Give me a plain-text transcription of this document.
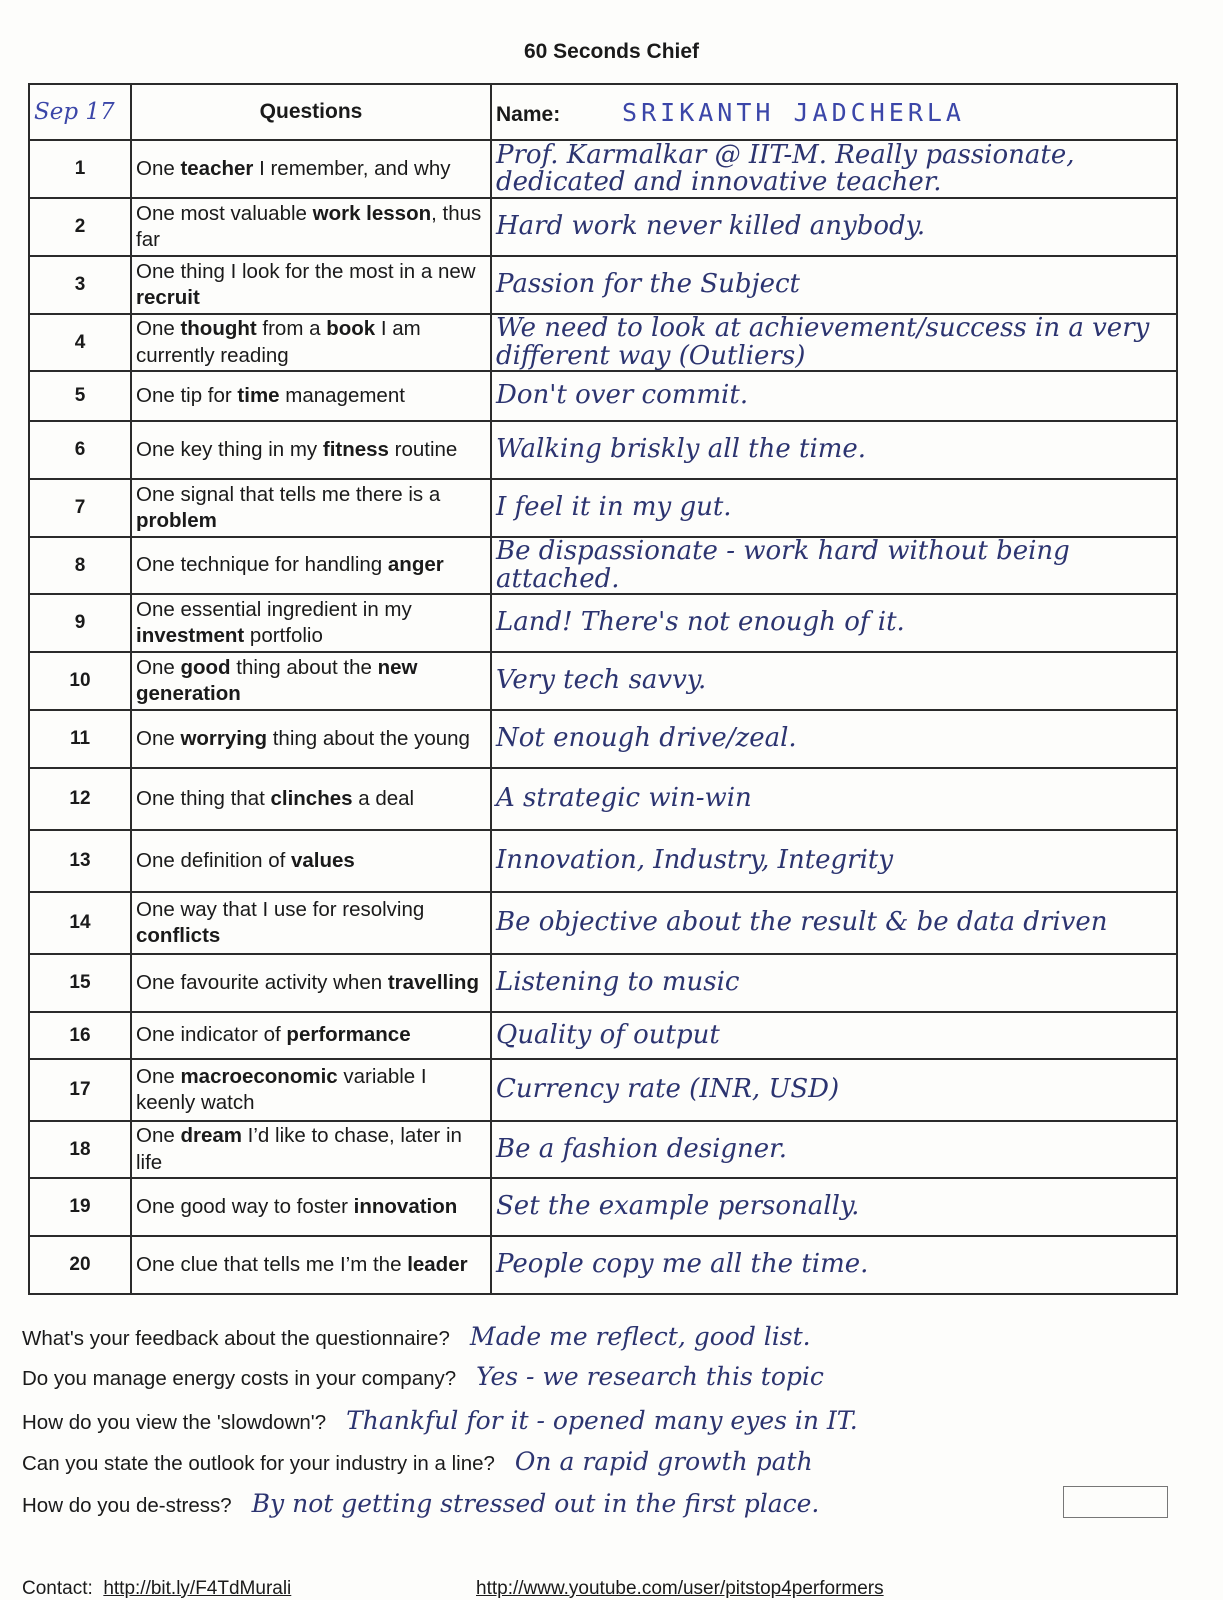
60 Seconds Chief
Sep 17	Questions	Name: SRIKANTH JADCHERLA
1	One teacher I remember, and why	Prof. Karmalkar @ IIT-M. Really passionate, dedicated and innovative teacher.
2	One most valuable work lesson, thus far	Hard work never killed anybody.
3	One thing I look for the most in a new recruit	Passion for the Subject
4	One thought from a book I am currently reading	We need to look at achievement/success in a very different way (Outliers)
5	One tip for time management	Don't over commit.
6	One key thing in my fitness routine	Walking briskly all the time.
7	One signal that tells me there is a problem	I feel it in my gut.
8	One technique for handling anger	Be dispassionate - work hard without being attached.
9	One essential ingredient in my investment portfolio	Land! There's not enough of it.
10	One good thing about the new generation	Very tech savvy.
11	One worrying thing about the young	Not enough drive/zeal.
12	One thing that clinches a deal	A strategic win-win
13	One definition of values	Innovation, Industry, Integrity
14	One way that I use for resolving conflicts	Be objective about the result & be data driven
15	One favourite activity when travelling	Listening to music
16	One indicator of performance	Quality of output
17	One macroeconomic variable I keenly watch	Currency rate (INR, USD)
18	One dream I’d like to chase, later in life	Be a fashion designer.
19	One good way to foster innovation	Set the example personally.
20	One clue that tells me I’m the leader	People copy me all the time.
What's your feedback about the questionnaire? Made me reflect, good list.
Do you manage energy costs in your company? Yes - we research this topic
How do you view the 'slowdown'? Thankful for it - opened many eyes in IT.
Can you state the outlook for your industry in a line? On a rapid growth path
How do you de-stress? By not getting stressed out in the first place.
Contact: http://bit.ly/F4TdMurali	http://www.youtube.com/user/pitstop4performers
